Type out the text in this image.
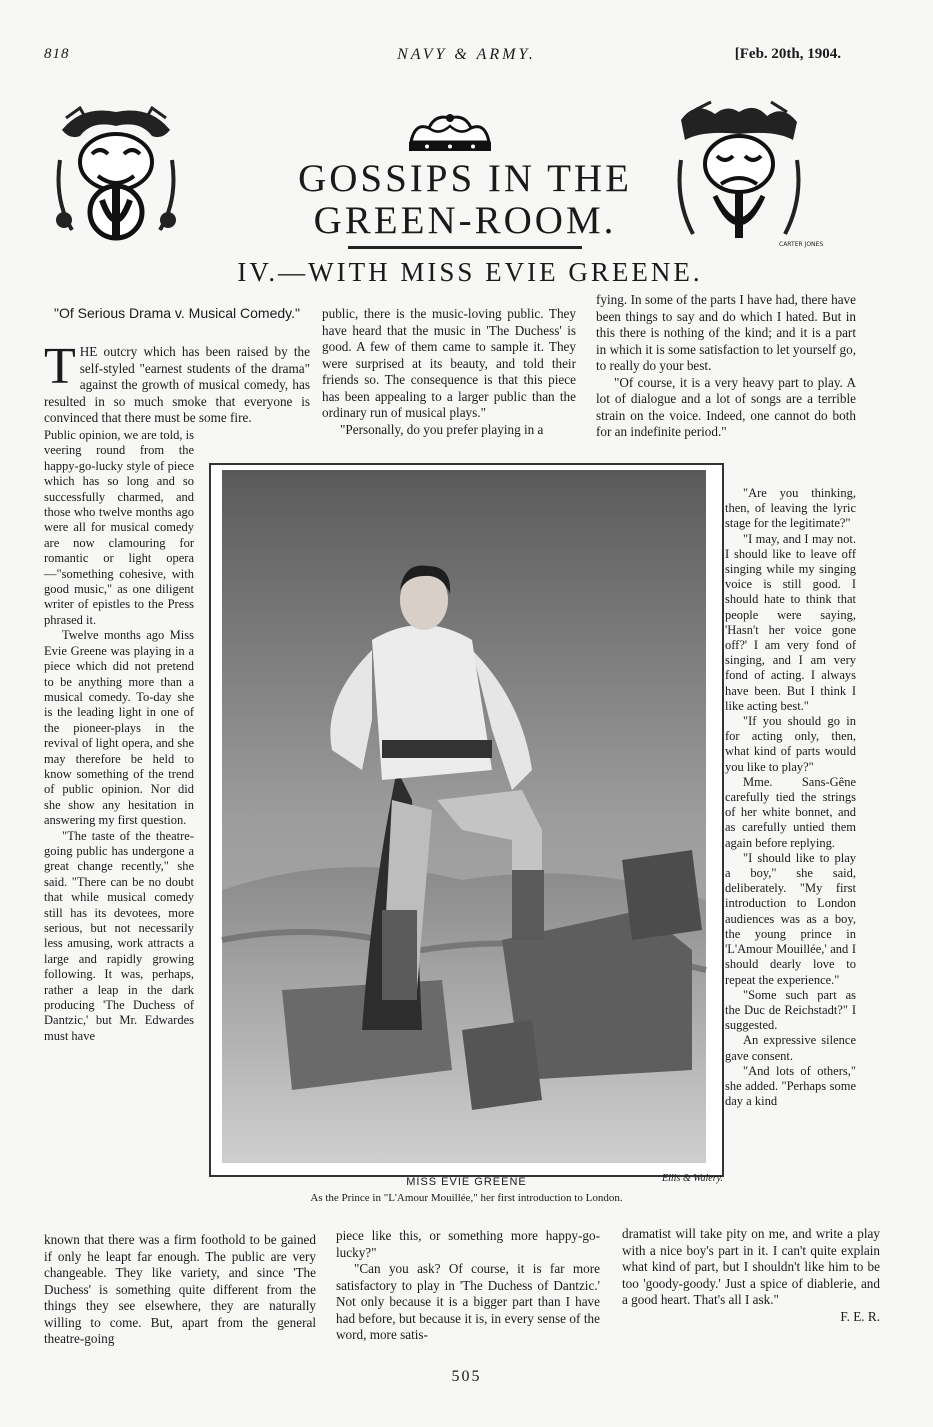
818	NAVY & ARMY.	[Feb. 20th, 1904.
CARTER JONES
GOSSIPS IN THE
GREEN-ROOM.
IV.—WITH MISS EVIE GREENE.
"Of Serious Drama v. Musical Comedy."
T HE outcry which has been raised by the self-styled "earnest students of the drama" against the growth of musical comedy, has resulted in so much smoke that everyone is convinced that there must be some fire.

Public opinion, we are told, is veering round from the happy-go-lucky style of piece which has so long and so successfully charmed, and those who twelve months ago were all for musical comedy are now clamouring for romantic or light opera—"something cohesive, with good music," as one diligent writer of epistles to the Press phrased it.

Twelve months ago Miss Evie Greene was playing in a piece which did not pretend to be anything more than a musical comedy. To-day she is the leading light in one of the pioneer-plays in the revival of light opera, and she may therefore be held to know something of the trend of public opinion. Nor did she show any hesitation in answering my first question.

"The taste of the theatre-going public has undergone a great change recently," she said. "There can be no doubt that while musical comedy still has its devotees, more serious, but not necessarily less amusing, work attracts a large and rapidly growing following. It was, perhaps, rather a leap in the dark producing 'The Duchess of Dantzic,' but Mr. Edwardes must have

known that there was a firm foothold to be gained if only he leapt far enough. The public are very changeable. They like variety, and since 'The Duchess' is something quite different from the things they see elsewhere, they are naturally willing to come. But, apart from the general theatre-going

public, there is the music-loving public. They have heard that the music in 'The Duchess' is good. A few of them came to sample it. They were surprised at its beauty, and told their friends so. The consequence is that this piece has been appealing to a larger public than the ordinary run of musical plays."

"Personally, do you prefer playing in a

piece like this, or something more happy-go-lucky?"

"Can you ask? Of course, it is far more satisfactory to play in 'The Duchess of Dantzic.' Not only because it is a bigger part than I have had before, but because it is, in every sense of the word, more satis-

fying. In some of the parts I have had, there have been things to say and do which I hated. But in this there is nothing of the kind; and it is a part in which it is some satisfaction to let yourself go, to really do your best.

"Of course, it is a very heavy part to play. A lot of dialogue and a lot of songs are a terrible strain on the voice. Indeed, one cannot do both for an indefinite period."

"Are you thinking, then, of leaving the lyric stage for the legitimate?"

"I may, and I may not. I should like to leave off singing while my singing voice is still good. I should hate to think that people were saying, 'Hasn't her voice gone off?' I am very fond of singing, and I am very fond of acting. I always have been. But I think I like acting best."

"If you should go in for acting only, then, what kind of parts would you like to play?"

Mme. Sans-Gêne carefully tied the strings of her white bonnet, and as carefully untied them again before replying.

"I should like to play a boy," she said, deliberately. "My first introduction to London audiences was as a boy, the young prince in 'L'Amour Mouillée,' and I should dearly love to repeat the experience."

"Some such part as the Duc de Reichstadt?" I suggested.

An expressive silence gave consent.

"And lots of others," she added. "Perhaps some day a kind

dramatist will take pity on me, and write a play with a nice boy's part in it. I can't quite explain what kind of part, but I shouldn't like him to be too 'goody-goody.' Just a spice of diablerie, and a good heart. That's all I ask."

F. E. R.

Ellis & Walery.
MISS EVIE GREENE
As the Prince in "L'Amour Mouillée," her first introduction to London.
505
